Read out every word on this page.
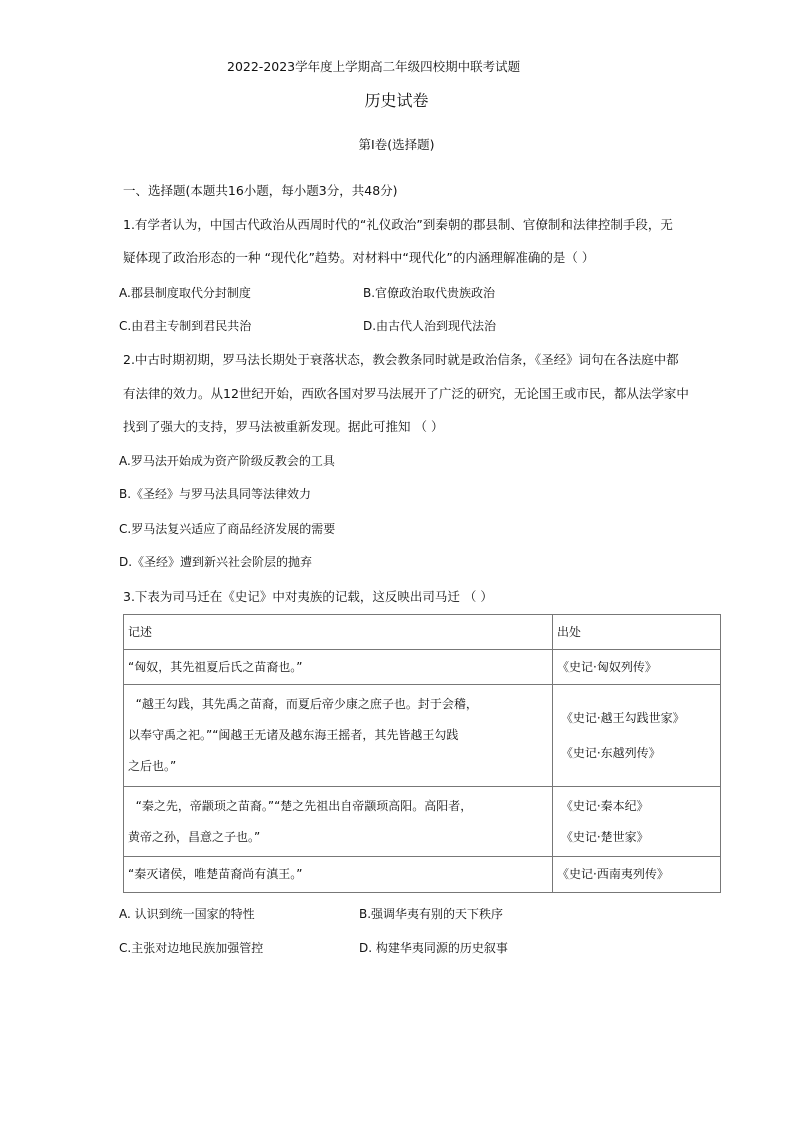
2022-2023学年度上学期高二年级四校期中联考试题
历史试卷
第Ⅰ卷(选择题)
一、选择题(本题共16小题，每小题3分，共48分)
1.有学者认为，中国古代政治从西周时代的“礼仪政治”到秦朝的郡县制、官僚制和法律控制手段，无
疑体现了政治形态的一种 “现代化”趋势。对材料中“现代化”的内涵理解准确的是（ ）
A.郡县制度取代分封制度	B.官僚政治取代贵族政治
C.由君主专制到君民共治	D.由古代人治到现代法治
2.中古时期初期，罗马法长期处于衰落状态，教会教条同时就是政治信条，《圣经》词句在各法庭中都
有法律的效力。从12世纪开始，西欧各国对罗马法展开了广泛的研究，无论国王或市民，都从法学家中
找到了强大的支持，罗马法被重新发现。据此可推知 （ ）
A.罗马法开始成为资产阶级反教会的工具
B.《圣经》与罗马法具同等法律效力
C.罗马法复兴适应了商品经济发展的需要
D.《圣经》遭到新兴社会阶层的抛弃
3.下表为司马迁在《史记》中对夷族的记载，这反映出司马迁 （ ）
记述	出处
“匈奴，其先祖夏后氏之苗裔也。”	《史记·匈奴列传》

“越王勾践，其先禹之苗裔，而夏后帝少康之庶子也。封于会稽，
以奉守禹之祀。”“闽越王无诸及越东海王摇者，其先皆越王勾践
之后也。”	《史记·越王勾践世家》
《史记·东越列传》

“秦之先，帝颛顼之苗裔。”“楚之先祖出自帝颛顼高阳。高阳者，
黄帝之孙，昌意之子也。”	《史记·秦本纪》
《史记·楚世家》

“秦灭诸侯，唯楚苗裔尚有滇王。”	《史记·西南夷列传》
A. 认识到统一国家的特性	B.强调华夷有别的天下秩序
C.主张对边地民族加强管控	D. 构建华夷同源的历史叙事
